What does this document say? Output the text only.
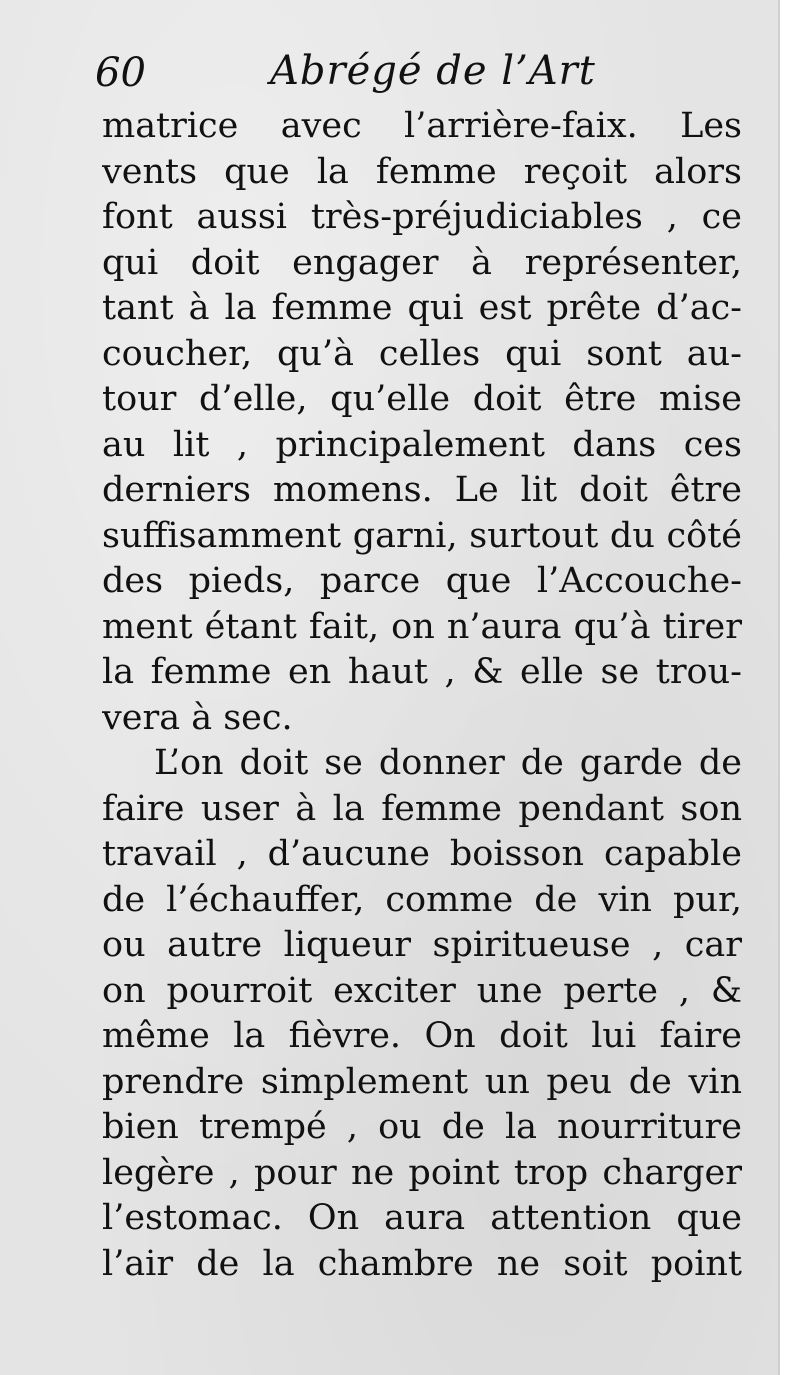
60	Abrégé de l’Art
matrice avec l’arrière-faix. Les
vents que la femme reçoit alors
font aussi très-préjudiciables , ce
qui doit engager à représenter,
tant à la femme qui est prête d’ac-
coucher, qu’à celles qui sont au-
tour d’elle, qu’elle doit être mise
au lit , principalement dans ces
derniers momens. Le lit doit être
suffisamment garni, surtout du côté
des pieds, parce que l’Accouche-
ment étant fait, on n’aura qu’à tirer
la femme en haut , & elle se trou-
vera à sec.
L’on doit se donner de garde de
faire user à la femme pendant son
travail , d’aucune boisson capable
de l’échauffer, comme de vin pur,
ou autre liqueur spiritueuse , car
on pourroit exciter une perte , &
même la fièvre. On doit lui faire
prendre simplement un peu de vin
bien trempé , ou de la nourriture
legère , pour ne point trop charger
l’estomac. On aura attention que
l’air de la chambre ne soit point
